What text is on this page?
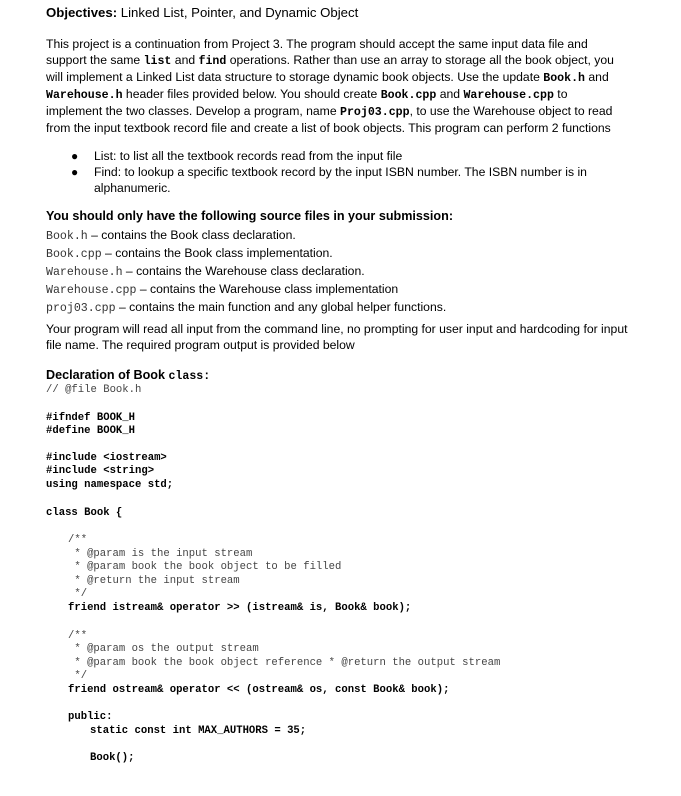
Objectives: Linked List, Pointer, and Dynamic Object
This project is a continuation from Project 3. The program should accept the same input data file and support the same list and find operations. Rather than use an array to storage all the book object, you will implement a Linked List data structure to storage dynamic book objects. Use the update Book.h and Warehouse.h header files provided below. You should create Book.cpp and Warehouse.cpp to implement the two classes. Develop a program, name Proj03.cpp, to use the Warehouse object to read from the input textbook record file and create a list of book objects. This program can perform 2 functions
● List: to list all the textbook records read from the input file
● Find: to lookup a specific textbook record by the input ISBN number. The ISBN number is in alphanumeric.
You should only have the following source files in your submission:
Book.h – contains the Book class declaration.
Book.cpp – contains the Book class implementation.
Warehouse.h – contains the Warehouse class declaration.
Warehouse.cpp – contains the Warehouse class implementation
proj03.cpp – contains the main function and any global helper functions.
Your program will read all input from the command line, no prompting for user input and hardcoding for input file name. The required program output is provided below
Declaration of Book class:
// @file Book.h
#ifndef BOOK_H
#define BOOK_H
#include <iostream>
#include <string>
using namespace std;
class Book {
/**
* @param is the input stream
* @param book the book object to be filled
* @return the input stream
*/
friend istream& operator >> (istream& is, Book& book);
/**
* @param os the output stream
* @param book the book object reference * @return the output stream
*/
friend ostream& operator << (ostream& os, const Book& book);
public:
static const int MAX_AUTHORS = 35;
Book();
